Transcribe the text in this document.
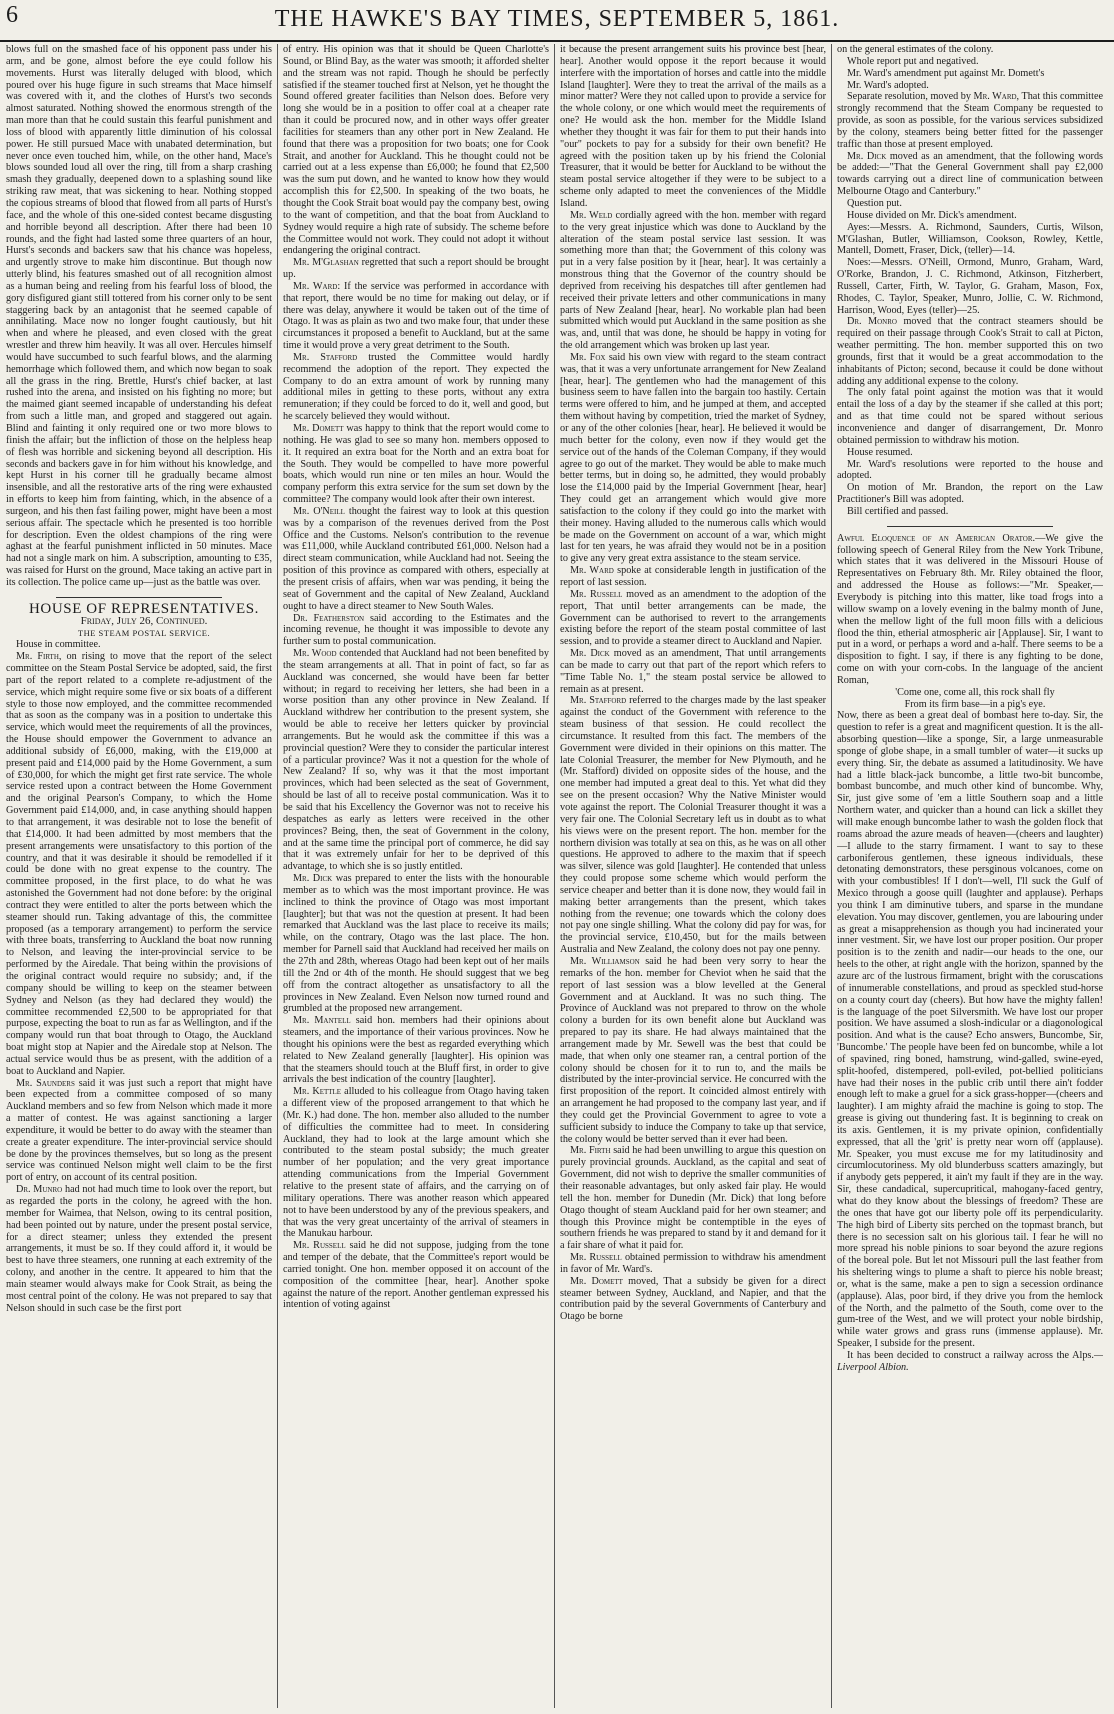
6	THE HAWKE'S BAY TIMES, SEPTEMBER 5, 1861.

blows full on the smashed face of his opponent pass under his arm, and be gone, almost before the eye could follow his movements. Hurst was literally deluged with blood, which poured over his huge figure in such streams that Mace himself was covered with it, and the clothes of Hurst's two seconds almost saturated. Nothing showed the enormous strength of the man more than that he could sustain this fearful punishment and loss of blood with apparently little diminution of his colossal power. He still pursued Mace with unabated determination, but never once even touched him, while, on the other hand, Mace's blows sounded loud all over the ring, till from a sharp crashing smash they gradually, deepened down to a splashing sound like striking raw meat, that was sickening to hear. Nothing stopped the copious streams of blood that flowed from all parts of Hurst's face, and the whole of this one-sided contest became disgusting and horrible beyond all description. After there had been 10 rounds, and the fight had lasted some three quarters of an hour, Hurst's seconds and backers saw that his chance was hopeless, and urgently strove to make him discontinue. But though now utterly blind, his features smashed out of all recognition almost as a human being and reeling from his fearful loss of blood, the gory disfigured giant still tottered from his corner only to be sent staggering back by an antagonist that he seemed capable of annihilating. Mace now no longer fought cautiously, but hit when and where he pleased, and even closed with the great wrestler and threw him heavily. It was all over. Hercules himself would have succumbed to such fearful blows, and the alarming hemorrhage which followed them, and which now began to soak all the grass in the ring. Brettle, Hurst's chief backer, at last rushed into the arena, and insisted on his fighting no more; but the maimed giant seemed incapable of understanding his defeat from such a little man, and groped and staggered out again. Blind and fainting it only required one or two more blows to finish the affair; but the infliction of those on the helpless heap of flesh was horrible and sickening beyond all description. His seconds and backers gave in for him without his knowledge, and kept Hurst in his corner till he gradually became almost insensible, and all the restorative arts of the ring were exhausted in efforts to keep him from fainting, which, in the absence of a surgeon, and his then fast failing power, might have been a most serious affair. The spectacle which he presented is too horrible for description. Even the oldest champions of the ring were aghast at the fearful punishment inflicted in 50 minutes. Mace had not a single mark on him. A subscription, amounting to £35, was raised for Hurst on the ground, Mace taking an active part in its collection. The police came up—just as the battle was over.

HOUSE OF REPRESENTATIVES.

Friday, July 26, Continued.

THE STEAM POSTAL SERVICE.

House in committee.

Mr. Firth, on rising to move that the report of the select committee on the Steam Postal Service be adopted, said, the first part of the report related to a complete re-adjustment of the service, which might require some five or six boats of a different style to those now employed, and the committee recommended that as soon as the company was in a position to undertake this service, which would meet the requirements of all the provinces, the House should empower the Government to advance an additional subsidy of £6,000, making, with the £19,000 at present paid and £14,000 paid by the Home Government, a sum of £30,000, for which the might get first rate service. The whole service rested upon a contract between the Home Government and the original Pearson's Company, to which the Home Government paid £14,000, and, in case anything should happen to that arrangement, it was desirable not to lose the benefit of that £14,000. It had been admitted by most members that the present arrangements were unsatisfactory to this portion of the country, and that it was desirable it should be remodelled if it could be done with no great expense to the country. The committee proposed, in the first place, to do what he was astonished the Government had not done before: by the original contract they were entitled to alter the ports between which the steamer should run. Taking advantage of this, the committee proposed (as a temporary arrangement) to perform the service with three boats, transferring to Auckland the boat now running to Nelson, and leaving the inter-provincial service to be performed by the Airedale. That being within the provisions of the original contract would require no subsidy; and, if the company should be willing to keep on the steamer between Sydney and Nelson (as they had declared they would) the committee recommended £2,500 to be appropriated for that purpose, expecting the boat to run as far as Wellington, and if the company would run that boat through to Otago, the Auckland boat might stop at Napier and the Airedale stop at Nelson. The actual service would thus be as present, with the addition of a boat to Auckland and Napier.

Mr. Saunders said it was just such a report that might have been expected from a committee composed of so many Auckland members and so few from Nelson which made it more a matter of contest. He was against sanctioning a larger expenditure, it would be better to do away with the steamer than create a greater expenditure. The inter-provincial service should be done by the provinces themselves, but so long as the present service was continued Nelson might well claim to be the first port of entry, on account of its central position.

Dr. Munro had not had much time to look over the report, but as regarded the ports in the colony, he agreed with the hon. member for Waimea, that Nelson, owing to its central position, had been pointed out by nature, under the present postal service, for a direct steamer; unless they extended the present arrangements, it must be so. If they could afford it, it would be best to have three steamers, one running at each extremity of the colony, and another in the centre. It appeared to him that the main steamer would always make for Cook Strait, as being the most central point of the colony. He was not prepared to say that Nelson should in such case be the first port

of entry. His opinion was that it should be Queen Charlotte's Sound, or Blind Bay, as the water was smooth; it afforded shelter and the stream was not rapid. Though he should be perfectly satisfied if the steamer touched first at Nelson, yet he thought the Sound offered greater facilities than Nelson does. Before very long she would be in a position to offer coal at a cheaper rate than it could be procured now, and in other ways offer greater facilities for steamers than any other port in New Zealand. He found that there was a proposition for two boats; one for Cook Strait, and another for Auckland. This he thought could not be carried out at a less expense than £6,000; he found that £2,500 was the sum put down, and he wanted to know how they would accomplish this for £2,500. In speaking of the two boats, he thought the Cook Strait boat would pay the company best, owing to the want of competition, and that the boat from Auckland to Sydney would require a high rate of subsidy. The scheme before the Committee would not work. They could not adopt it without endangering the original contract.

Mr. M'Glashan regretted that such a report should be brought up.

Mr. Ward: If the service was performed in accordance with that report, there would be no time for making out delay, or if there was delay, anywhere it would be taken out of the time of Otago. It was as plain as two and two make four, that under these circumstances it proposed a benefit to Auckland, but at the same time it would prove a very great detriment to the South.

Mr. Stafford trusted the Committee would hardly recommend the adoption of the report. They expected the Company to do an extra amount of work by running many additional miles in getting to these ports, without any extra remuneration; if they could be forced to do it, well and good, but he scarcely believed they would without.

Mr. Domett was happy to think that the report would come to nothing. He was glad to see so many hon. members opposed to it. It required an extra boat for the North and an extra boat for the South. They would be compelled to have more powerful boats, which would run nine or ten miles an hour. Would the company perform this extra service for the sum set down by the committee? The company would look after their own interest.

Mr. O'Neill thought the fairest way to look at this question was by a comparison of the revenues derived from the Post Office and the Customs. Nelson's contribution to the revenue was £11,000, while Auckland contributed £61,000. Nelson had a direct steam communication, while Auckland had not. Seeing the position of this province as compared with others, especially at the present crisis of affairs, when war was pending, it being the seat of Government and the capital of New Zealand, Auckland ought to have a direct steamer to New South Wales.

Dr. Featherston said according to the Estimates and the incoming revenue, he thought it was impossible to devote any further sum to postal communication.

Mr. Wood contended that Auckland had not been benefited by the steam arrangements at all. That in point of fact, so far as Auckland was concerned, she would have been far better without; in regard to receiving her letters, she had been in a worse position than any other province in New Zealand. If Auckland withdrew her contribution to the present system, she would be able to receive her letters quicker by provincial arrangements. But he would ask the committee if this was a provincial question? Were they to consider the particular interest of a particular province? Was it not a question for the whole of New Zealand? If so, why was it that the most important provinces, which had been selected as the seat of Government, should be last of all to receive postal communication. Was it to be said that his Excellency the Governor was not to receive his despatches as early as letters were received in the other provinces? Being, then, the seat of Government in the colony, and at the same time the principal port of commerce, he did say that it was extremely unfair for her to be deprived of this advantage, to which she is so justly entitled.

Mr. Dick was prepared to enter the lists with the honourable member as to which was the most important province. He was inclined to think the province of Otago was most important [laughter]; but that was not the question at present. It had been remarked that Auckland was the last place to receive its mails; while, on the contrary, Otago was the last place. The hon. member for Parnell said that Auckland had received her mails on the 27th and 28th, whereas Otago had been kept out of her mails till the 2nd or 4th of the month. He should suggest that we beg off from the contract altogether as unsatisfactory to all the provinces in New Zealand. Even Nelson now turned round and grumbled at the proposed new arrangement.

Mr. Mantell said hon. members had their opinions about steamers, and the importance of their various provinces. Now he thought his opinions were the best as regarded everything which related to New Zealand generally [laughter]. His opinion was that the steamers should touch at the Bluff first, in order to give arrivals the best indication of the country [laughter].

Mr. Kettle alluded to his colleague from Otago having taken a different view of the proposed arrangement to that which he (Mr. K.) had done. The hon. member also alluded to the number of difficulties the committee had to meet. In considering Auckland, they had to look at the large amount which she contributed to the steam postal subsidy; the much greater number of her population; and the very great importance attending communications from the Imperial Government relative to the present state of affairs, and the carrying on of military operations. There was another reason which appeared not to have been understood by any of the previous speakers, and that was the very great uncertainty of the arrival of steamers in the Manukau harbour.

Mr. Russell said he did not suppose, judging from the tone and temper of the debate, that the Committee's report would be carried tonight. One hon. member opposed it on account of the composition of the committee [hear, hear]. Another spoke against the nature of the report. Another gentleman expressed his intention of voting against

it because the present arrangement suits his province best [hear, hear]. Another would oppose it the report because it would interfere with the importation of horses and cattle into the middle Island [laughter]. Were they to treat the arrival of the mails as a minor matter? Were they not called upon to provide a service for the whole colony, or one which would meet the requirements of one? He would ask the hon. member for the Middle Island whether they thought it was fair for them to put their hands into "our" pockets to pay for a subsidy for their own benefit? He agreed with the position taken up by his friend the Colonial Treasurer, that it would be better for Auckland to be without the steam postal service altogether if they were to be subject to a scheme only adapted to meet the conveniences of the Middle Island.

Mr. Weld cordially agreed with the hon. member with regard to the very great injustice which was done to Auckland by the alteration of the steam postal service last session. It was something more than that; the Government of this colony was put in a very false position by it [hear, hear]. It was certainly a monstrous thing that the Governor of the country should be deprived from receiving his despatches till after gentlemen had received their private letters and other communications in many parts of New Zealand [hear, hear]. No workable plan had been submitted which would put Auckland in the same position as she was, and, until that was done, he should be happy in voting for the old arrangement which was broken up last year.

Mr. Fox said his own view with regard to the steam contract was, that it was a very unfortunate arrangement for New Zealand [hear, hear]. The gentlemen who had the management of this business seem to have fallen into the bargain too hastily. Certain terms were offered to him, and he jumped at them, and accepted them without having by competition, tried the market of Sydney, or any of the other colonies [hear, hear]. He believed it would be much better for the colony, even now if they would get the service out of the hands of the Coleman Company, if they would agree to go out of the market. They would be able to make much better terms, but in doing so, he admitted, they would probably lose the £14,000 paid by the Imperial Government [hear, hear] They could get an arrangement which would give more satisfaction to the colony if they could go into the market with their money. Having alluded to the numerous calls which would be made on the Government on account of a war, which might last for ten years, he was afraid they would not be in a position to give any very great extra assistance to the steam service.

Mr. Ward spoke at considerable length in justification of the report of last session.

Mr. Russell moved as an amendment to the adoption of the report, That until better arrangements can be made, the Government can be authorised to revert to the arrangements existing before the report of the steam postal committee of last session, and to provide a steamer direct to Auckland and Napier.

Mr. Dick moved as an amendment, That until arrangements can be made to carry out that part of the report which refers to "Time Table No. 1," the steam postal service be allowed to remain as at present.

Mr. Stafford referred to the charges made by the last speaker against the conduct of the Government with reference to the steam business of that session. He could recollect the circumstance. It resulted from this fact. The members of the Government were divided in their opinions on this matter. The late Colonial Treasurer, the member for New Plymouth, and he (Mr. Stafford) divided on opposite sides of the house, and the one member had imputed a great deal to this. Yet what did they see on the present occasion? Why the Native Minister would vote against the report. The Colonial Treasurer thought it was a very fair one. The Colonial Secretary left us in doubt as to what his views were on the present report. The hon. member for the northern division was totally at sea on this, as he was on all other questions. He approved to adhere to the maxim that if speech was silver, silence was gold [laughter]. He contended that unless they could propose some scheme which would perform the service cheaper and better than it is done now, they would fail in making better arrangements than the present, which takes nothing from the revenue; one towards which the colony does not pay one single shilling. What the colony did pay for was, for the provincial service, £10,450, but for the mails between Australia and New Zealand, the colony does not pay one penny.

Mr. Williamson said he had been very sorry to hear the remarks of the hon. member for Cheviot when he said that the report of last session was a blow levelled at the General Government and at Auckland. It was no such thing. The Province of Auckland was not prepared to throw on the whole colony a burden for its own benefit alone but Auckland was prepared to pay its share. He had always maintained that the arrangement made by Mr. Sewell was the best that could be made, that when only one steamer ran, a central portion of the colony should be chosen for it to run to, and the mails be distributed by the inter-provincial service. He concurred with the first proposition of the report. It coincided almost entirely with an arrangement he had proposed to the company last year, and if they could get the Provincial Government to agree to vote a sufficient subsidy to induce the Company to take up that service, the colony would be better served than it ever had been.

Mr. Firth said he had been unwilling to argue this question on purely provincial grounds. Auckland, as the capital and seat of Government, did not wish to deprive the smaller communities of their reasonable advantages, but only asked fair play. He would tell the hon. member for Dunedin (Mr. Dick) that long before Otago thought of steam Auckland paid for her own steamer; and though this Province might be contemptible in the eyes of southern friends he was prepared to stand by it and demand for it a fair share of what it paid for.

Mr. Russell obtained permission to withdraw his amendment in favor of Mr. Ward's.

Mr. Domett moved, That a subsidy be given for a direct steamer between Sydney, Auckland, and Napier, and that the contribution paid by the several Governments of Canterbury and Otago be borne

on the general estimates of the colony.

Whole report put and negatived.

Mr. Ward's amendment put against Mr. Domett's

Mr. Ward's adopted.

Separate resolution, moved by Mr. Ward, That this committee strongly recommend that the Steam Company be requested to provide, as soon as possible, for the various services subsidized by the colony, steamers being better fitted for the passenger traffic than those at present employed.

Mr. Dick moved as an amendment, that the following words be added:—"That the General Government shall pay £2,000 towards carrying out a direct line of communication between Melbourne Otago and Canterbury."

Question put.

House divided on Mr. Dick's amendment.

Ayes:—Messrs. A. Richmond, Saunders, Curtis, Wilson, M'Glashan, Butler, Williamson, Cookson, Rowley, Kettle, Mantell, Domett, Fraser, Dick, (teller)—14.

Noes:—Messrs. O'Neill, Ormond, Munro, Graham, Ward, O'Rorke, Brandon, J. C. Richmond, Atkinson, Fitzherbert, Russell, Carter, Firth, W. Taylor, G. Graham, Mason, Fox, Rhodes, C. Taylor, Speaker, Munro, Jollie, C. W. Richmond, Harrison, Wood, Eyes (teller)—25.

Dr. Monro moved that the contract steamers should be required on their passage through Cook's Strait to call at Picton, weather permitting. The hon. member supported this on two grounds, first that it would be a great accommodation to the inhabitants of Picton; second, because it could be done without adding any additional expense to the colony.

The only fatal point against the motion was that it would entail the loss of a day by the steamer if she called at this port; and as that time could not be spared without serious inconvenience and danger of disarrangement, Dr. Monro obtained permission to withdraw his motion.

House resumed.

Mr. Ward's resolutions were reported to the house and adopted.

On motion of Mr. Brandon, the report on the Law Practitioner's Bill was adopted.

Bill certified and passed.

Awful Eloquence of an American Orator.—We give the following speech of General Riley from the New York Tribune, which states that it was delivered in the Missouri House of Representatives on February 8th. Mr. Riley obtained the floor, and addressed the House as follows:—"Mr. Speaker,—Everybody is pitching into this matter, like toad frogs into a willow swamp on a lovely evening in the balmy month of June, when the mellow light of the full moon fills with a delicious flood the thin, etherial atmospheric air [Applause]. Sir, I want to put in a word, or perhaps a word and a-half. There seems to be a disposition to fight. I say, if there is any fighting to be done, come on with your corn-cobs. In the language of the ancient Roman,

'Come one, come all, this rock shall fly

From its firm base—in a pig's eye.

Now, there as been a great deal of bombast here to-day. Sir, the question to refer is a great and magnificent question. It is the all-absorbing question—like a sponge, Sir, a large unmeasurable sponge of globe shape, in a small tumbler of water—it sucks up every thing. Sir, the debate as assumed a latitudinosity. We have had a little black-jack buncombe, a little two-bit buncombe, bombast buncombe, and much other kind of buncombe. Why, Sir, just give some of 'em a little Southern soap and a little Northern water, and quicker than a hound can lick a skillet they will make enough buncombe lather to wash the golden flock that roams abroad the azure meads of heaven—(cheers and laughter)—I allude to the starry firmament. I want to say to these carboniferous gentlemen, these igneous individuals, these detonating demonstrators, these persginous volcanoes, come on with your combustibles! If I don't—well, I'll suck the Gulf of Mexico through a goose quill (laughter and applause). Perhaps you think I am diminutive tubers, and sparse in the mundane elevation. You may discover, gentlemen, you are labouring under as great a misapprehension as though you had incinerated your inner vestment. Sir, we have lost our proper position. Our proper position is to the zenith and nadir—our heads to the one, our heels to the other, at right angle with the horizon, spanned by the azure arc of the lustrous firmament, bright with the coruscations of innumerable constellations, and proud as speckled stud-horse on a county court day (cheers). But how have the mighty fallen! is the language of the poet Silversmith. We have lost our proper position. We have assumed a slosh-indicular or a diagonological position. And what is the cause? Echo answers, Buncombe, Sir, 'Buncombe.' The people have been fed on buncombe, while a lot of spavined, ring boned, hamstrung, wind-galled, swine-eyed, split-hoofed, distempered, poll-eviled, pot-bellied politicians have had their noses in the public crib until there ain't fodder enough left to make a gruel for a sick grass-hopper—(cheers and laughter). I am mighty afraid the machine is going to stop. The grease is giving out thundering fast. It is beginning to creak on its axis. Gentlemen, it is my private opinion, confidentially expressed, that all the 'grit' is pretty near worn off (applause). Mr. Speaker, you must excuse me for my latitudinosity and circumlocutoriness. My old blunderbuss scatters amazingly, but if anybody gets peppered, it ain't my fault if they are in the way. Sir, these candadical, supercupritical, mahogany-faced gentry, what do they know about the blessings of freedom? These are the ones that have got our liberty pole off its perpendicularity. The high bird of Liberty sits perched on the topmast branch, but there is no secession salt on his glorious tail. I fear he will no more spread his noble pinions to soar beyond the azure regions of the boreal pole. But let not Missouri pull the last feather from his sheltering wings to plume a shaft to pierce his noble breast; or, what is the same, make a pen to sign a secession ordinance (applause). Alas, poor bird, if they drive you from the hemlock of the North, and the palmetto of the South, come over to the gum-tree of the West, and we will protect your noble birdship, while water grows and grass runs (immense applause). Mr. Speaker, I subside for the present.

It has been decided to construct a railway across the Alps.—Liverpool Albion.
